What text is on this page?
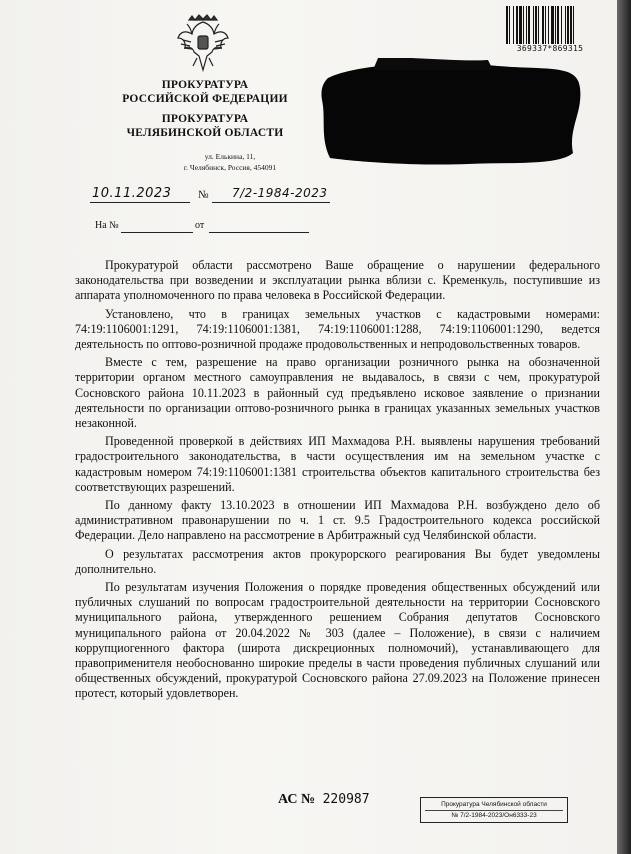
ПРОКУРАТУРА
РОССИЙСКОЙ ФЕДЕРАЦИИ
ПРОКУРАТУРА
ЧЕЛЯБИНСКОЙ ОБЛАСТИ
ул. Елькина, 11,
г. Челябинск, Россия, 454091
10.11.2023 № 7/2-1984-2023
На №	от
369337*869315

Прокуратурой области рассмотрено Ваше обращение о нарушении федерального законодательства при возведении и эксплуатации рынка вблизи с. Кременкуль, поступившие из аппарата уполномоченного по права человека в Российской Федерации.

Установлено, что в границах земельных участков с кадастровыми номерами: 74:19:1106001:1291, 74:19:1106001:1381, 74:19:1106001:1288, 74:19:1106001:1290, ведется деятельность по оптово-розничной продаже продовольственных и непродовольственных товаров.

Вместе с тем, разрешение на право организации розничного рынка на обозначенной территории органом местного самоуправления не выдавалось, в связи с чем, прокуратурой Сосновского района 10.11.2023 в районный суд предъявлено исковое заявление о признании деятельности по организации оптово-розничного рынка в границах указанных земельных участков незаконной.

Проведенной проверкой в действиях ИП Махмадова Р.Н. выявлены нарушения требований градостроительного законодательства, в части осуществления им на земельном участке с кадастровым номером 74:19:1106001:1381 строительства объектов капитального строительства без соответствующих разрешений.

По данному факту 13.10.2023 в отношении ИП Махмадова Р.Н. возбуждено дело об административном правонарушении по ч. 1 ст. 9.5 Градостроительного кодекса российской Федерации. Дело направлено на рассмотрение в Арбитражный суд Челябинской области.

О результатах рассмотрения актов прокурорского реагирования Вы будет уведомлены дополнительно.

По результатам изучения Положения о порядке проведения общественных обсуждений или публичных слушаний по вопросам градостроительной деятельности на территории Сосновского муниципального района, утвержденного решением Собрания депутатов Сосновского муниципального района от 20.04.2022 № 303 (далее – Положение), в связи с наличием коррупциогенного фактора (широта дискреционных полномочий), устанавливающего для правоприменителя необоснованно широкие пределы в части проведения публичных слушаний или общественных обсуждений, прокуратурой Сосновского района 27.09.2023 на Положение принесен протест, который удовлетворен.

АС № 220987	Прокуратура Челябинской области
№ 7/2-1984-2023/Он6333-23
